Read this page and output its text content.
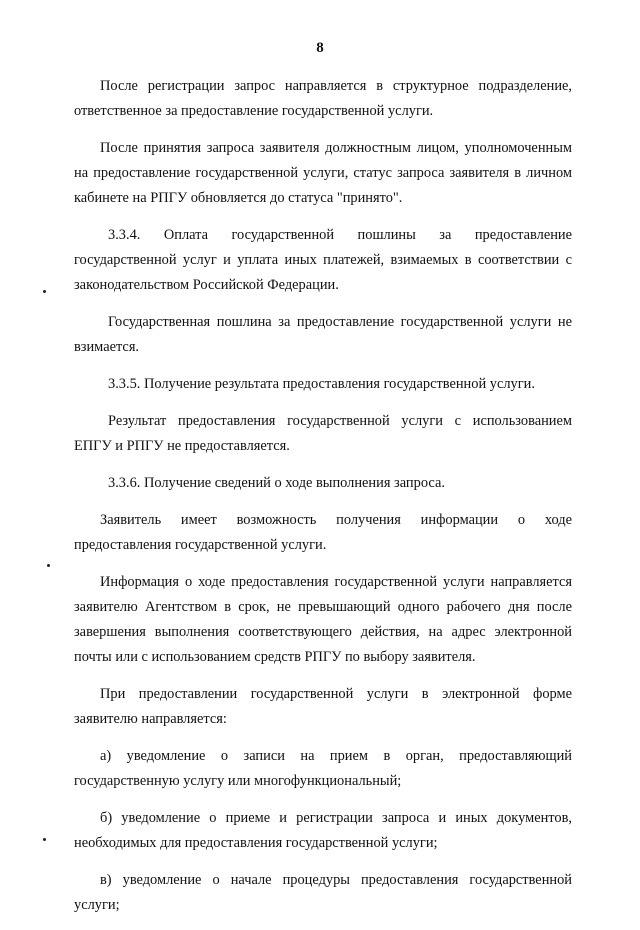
8

После регистрации запрос направляется в структурное подразделение, ответственное за предоставление государственной услуги.

После принятия запроса заявителя должностным лицом, уполномоченным на предоставление государственной услуги, статус запроса заявителя в личном кабинете на РПГУ обновляется до статуса "принято".

3.3.4. Оплата государственной пошлины за предоставление государственной услуг и уплата иных платежей, взимаемых в соответствии с законодательством Российской Федерации.

Государственная пошлина за предоставление государственной услуги не взимается.

3.3.5. Получение результата предоставления государственной услуги.

Результат предоставления государственной услуги с использованием ЕПГУ и РПГУ не предоставляется.

3.3.6. Получение сведений о ходе выполнения запроса.

Заявитель имеет возможность получения информации о ходе предоставления государственной услуги.

Информация о ходе предоставления государственной услуги направляется заявителю Агентством в срок, не превышающий одного рабочего дня после завершения выполнения соответствующего действия, на адрес электронной почты или с использованием средств РПГУ по выбору заявителя.

При предоставлении государственной услуги в электронной форме заявителю направляется:

а) уведомление о записи на прием в орган, предоставляющий государственную услугу или многофункциональный;

б) уведомление о приеме и регистрации запроса и иных документов, необходимых для предоставления государственной услуги;

в) уведомление о начале процедуры предоставления государственной услуги;
